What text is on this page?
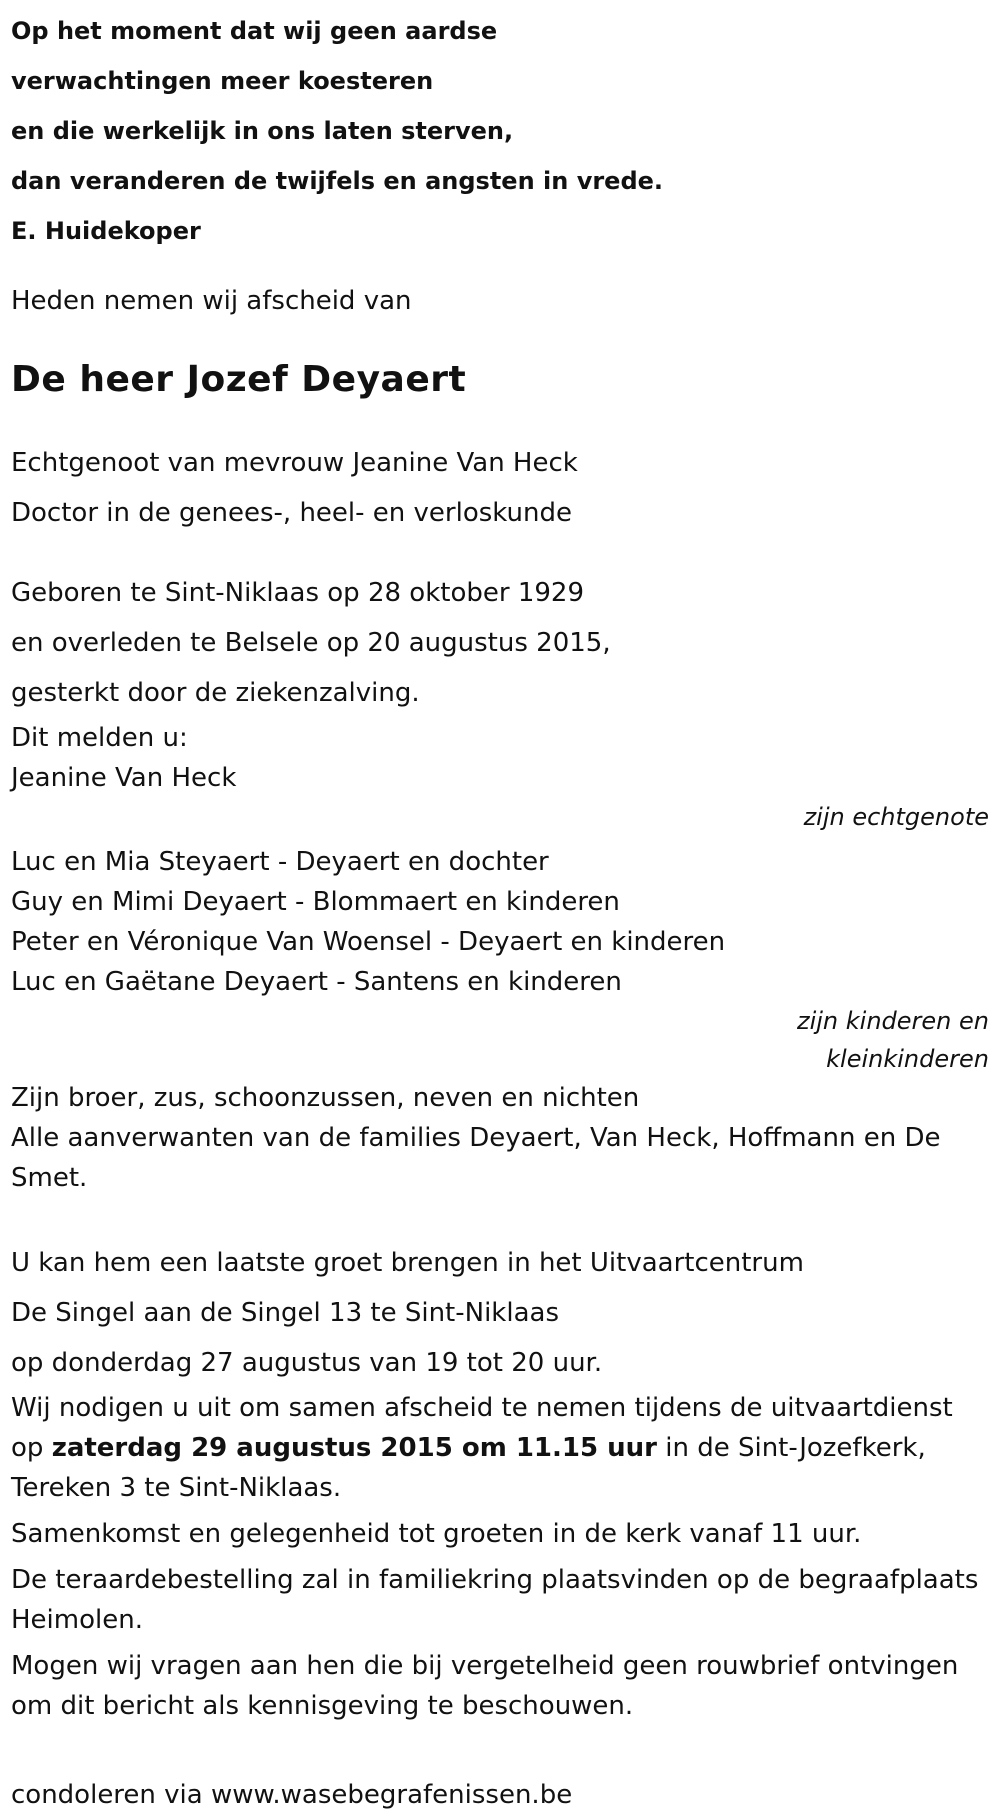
Op het moment dat wij geen aardse
verwachtingen meer koesteren
en die werkelijk in ons laten sterven,
dan veranderen de twijfels en angsten in vrede.
E. Huidekoper
Heden nemen wij afscheid van
De heer Jozef Deyaert
Echtgenoot van mevrouw Jeanine Van Heck
Doctor in de genees-, heel- en verloskunde
Geboren te Sint-Niklaas op 28 oktober 1929
en overleden te Belsele op 20 augustus 2015,
gesterkt door de ziekenzalving.
Dit melden u:
Jeanine Van Heck
zijn echtgenote
Luc en Mia Steyaert - Deyaert en dochter
Guy en Mimi Deyaert - Blommaert en kinderen
Peter en Véronique Van Woensel - Deyaert en kinderen
Luc en Gaëtane Deyaert - Santens en kinderen
zijn kinderen en
kleinkinderen
Zijn broer, zus, schoonzussen, neven en nichten
Alle aanverwanten van de families Deyaert, Van Heck, Hoffmann en De Smet.
U kan hem een laatste groet brengen in het Uitvaartcentrum
De Singel aan de Singel 13 te Sint-Niklaas
op donderdag 27 augustus van 19 tot 20 uur.
Wij nodigen u uit om samen afscheid te nemen tijdens de uitvaartdienst op zaterdag 29 augustus 2015 om 11.15 uur in de Sint-Jozefkerk, Tereken 3 te Sint-Niklaas.
Samenkomst en gelegenheid tot groeten in de kerk vanaf 11 uur.
De teraardebestelling zal in familiekring plaatsvinden op de begraafplaats Heimolen.
Mogen wij vragen aan hen die bij vergetelheid geen rouwbrief ontvingen om dit bericht als kennisgeving te beschouwen.
condoleren via www.wasebegrafenissen.be
